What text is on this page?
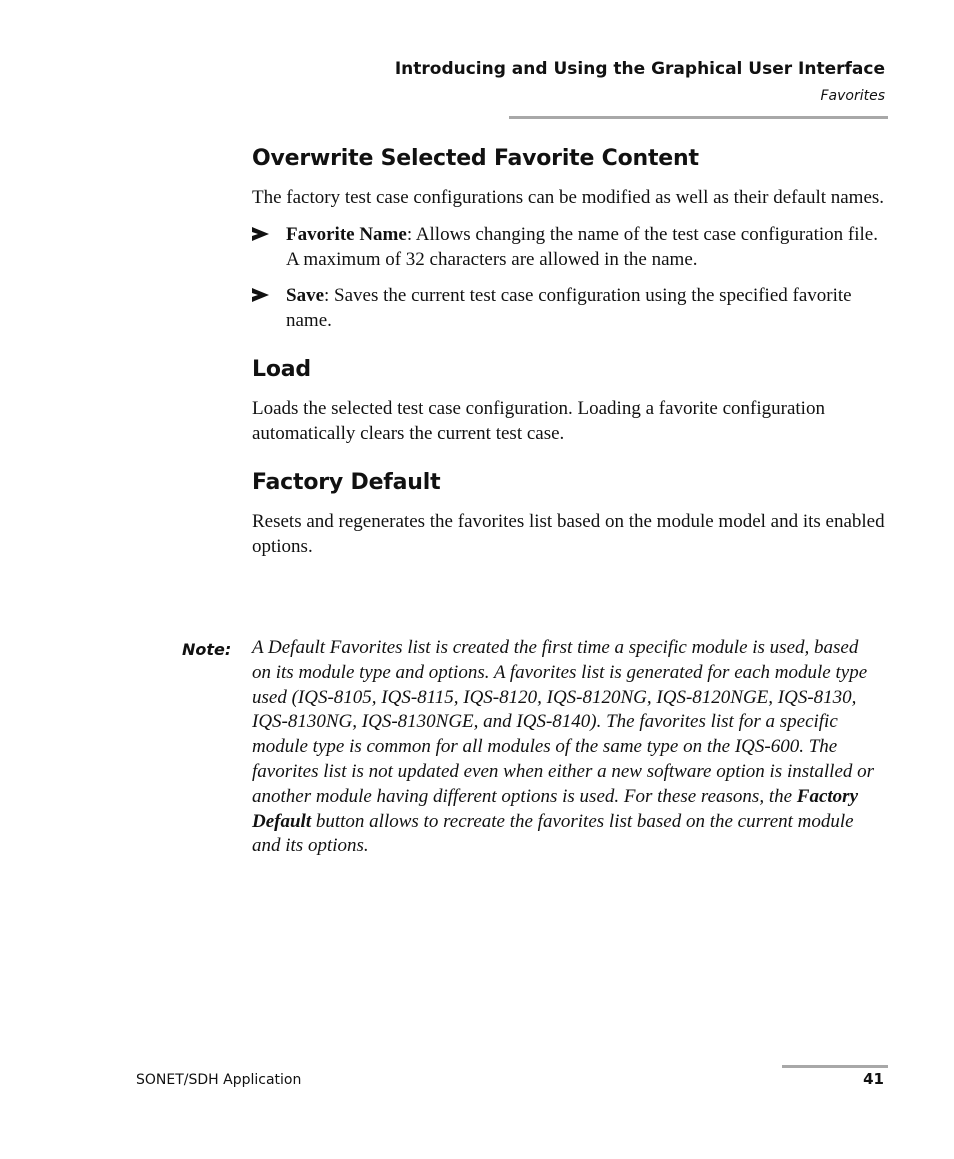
Introducing and Using the Graphical User Interface
Favorites
Overwrite Selected Favorite Content

The factory test case configurations can be modified as well as their default names.

Favorite Name: Allows changing the name of the test case configuration file. A maximum of 32 characters are allowed in the name.
Save: Saves the current test case configuration using the specified favorite name.
Load

Loads the selected test case configuration. Loading a favorite configuration automatically clears the current test case.

Factory Default

Resets and regenerates the favorites list based on the module model and its enabled options.

Note: A Default Favorites list is created the first time a specific module is used, based on its module type and options. A favorites list is generated for each module type used (IQS-8105, IQS-8115, IQS-8120, IQS-8120NG, IQS-8120NGE, IQS-8130, IQS-8130NG, IQS-8130NGE, and IQS-8140). The favorites list for a specific module type is common for all modules of the same type on the IQS-600. The favorites list is not updated even when either a new software option is installed or another module having different options is used. For these reasons, the Factory Default button allows to recreate the favorites list based on the current module and its options.
SONET/SDH Application	41
